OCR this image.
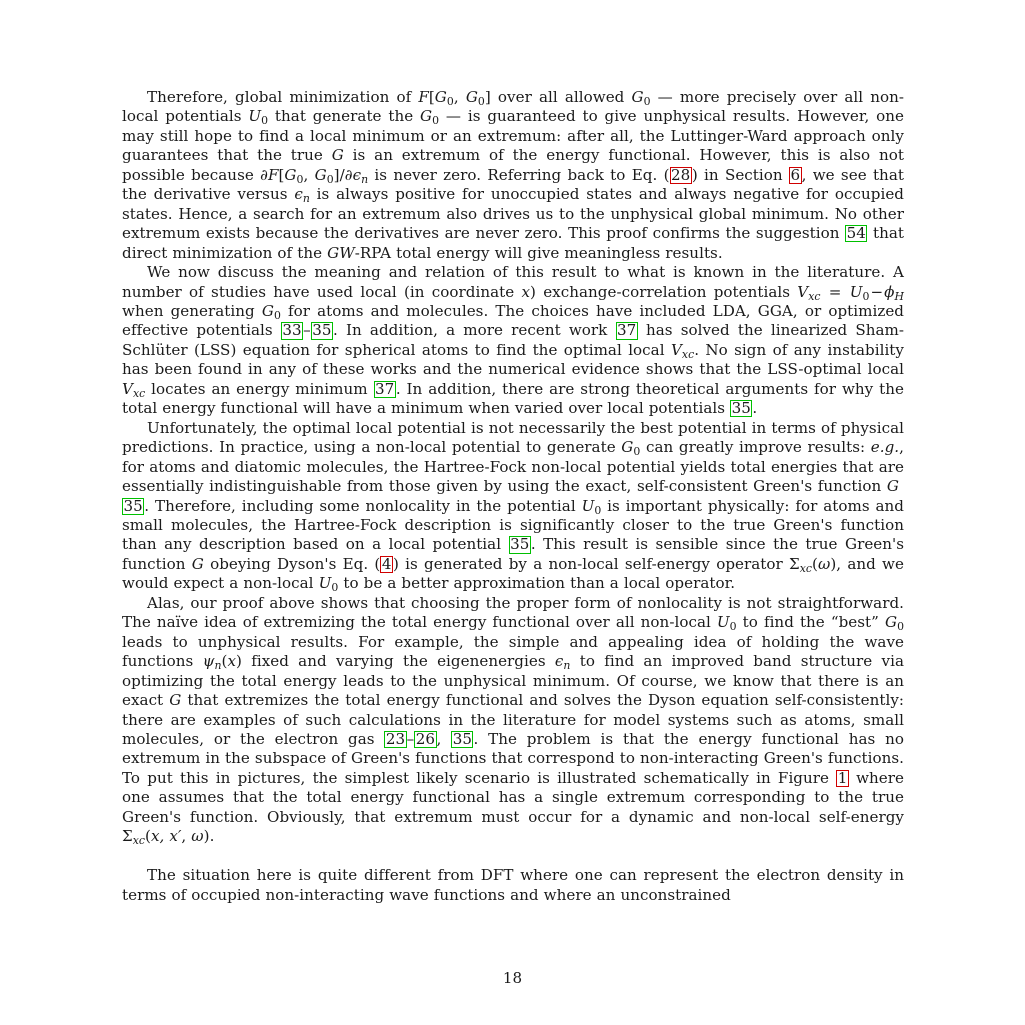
Therefore, global minimization of $F[G_0$, $G_0$] over all allowed $G_0$ — more precisely over all non-local potentials $U_0$ that generate the $G_0$ — is guaranteed to give unphysical results. However, one may still hope to find a local minimum or an extremum: after all, the Luttinger-Ward approach only guarantees that the true G is an extremum of the energy functional. However, this is also not possible because $\partial F[G_0$, $G_0]/\partial\epsilon_n$ is never zero. Referring back to Eq. (28) in Section 6, we see that the derivative versus $\epsilon_n$ is always positive for unoccupied states and always negative for occupied states. Hence, a search for an extremum also drives us to the unphysical global minimum. No other extremum exists because the derivatives are never zero. This proof confirms the suggestion 54 that direct minimization of the GW-RPA total energy will give meaningless results.

We now discuss the meaning and relation of this result to what is known in the literature. A number of studies have used local (in coordinate x) exchange-correlation potentials $V_{xc} = U_0-\phi_H$ when generating $G_0$ for atoms and molecules. The choices have included LDA, GGA, or optimized effective potentials 33–35. In addition, a more recent work 37 has solved the linearized Sham-Schlüter (LSS) equation for spherical atoms to find the optimal local $V_{xc}$. No sign of any instability has been found in any of these works and the numerical evidence shows that the LSS-optimal local $V_{xc}$ locates an energy minimum 37. In addition, there are strong theoretical arguments for why the total energy functional will have a minimum when varied over local potentials 35.

Unfortunately, the optimal local potential is not necessarily the best potential in terms of physical predictions. In practice, using a non-local potential to generate $G_0$ can greatly improve results: e.g., for atoms and diatomic molecules, the Hartree-Fock non-local potential yields total energies that are essentially indistinguishable from those given by using the exact, self-consistent Green's function G 35. Therefore, including some nonlocality in the potential $U_0$ is important physically: for atoms and small molecules, the Hartree-Fock description is significantly closer to the true Green's function than any description based on a local potential 35. This result is sensible since the true Green's function G obeying Dyson's Eq. (4) is generated by a non-local self-energy operator $\Sigma_{xc}(\omega)$, and we would expect a non-local $U_0$ to be a better approximation than a local operator.

Alas, our proof above shows that choosing the proper form of nonlocality is not straightforward. The naïve idea of extremizing the total energy functional over all non-local $U_0$ to find the “best” $G_0$ leads to unphysical results. For example, the simple and appealing idea of holding the wave functions $\psi_n(x)$ fixed and varying the eigenenergies $\epsilon_n$ to find an improved band structure via optimizing the total energy leads to the unphysical minimum. Of course, we know that there is an exact G that extremizes the total energy functional and solves the Dyson equation self-consistently: there are examples of such calculations in the literature for model systems such as atoms, small molecules, or the electron gas 23–26, 35. The problem is that the energy functional has no extremum in the subspace of Green's functions that correspond to non-interacting Green's functions. To put this in pictures, the simplest likely scenario is illustrated schematically in Figure 1 where one assumes that the total energy functional has a single extremum corresponding to the true Green's function. Obviously, that extremum must occur for a dynamic and non-local self-energy $\Sigma_{xc}(x$, x′, ω).

The situation here is quite different from DFT where one can represent the electron density in terms of occupied non-interacting wave functions and where an unconstrained

18
